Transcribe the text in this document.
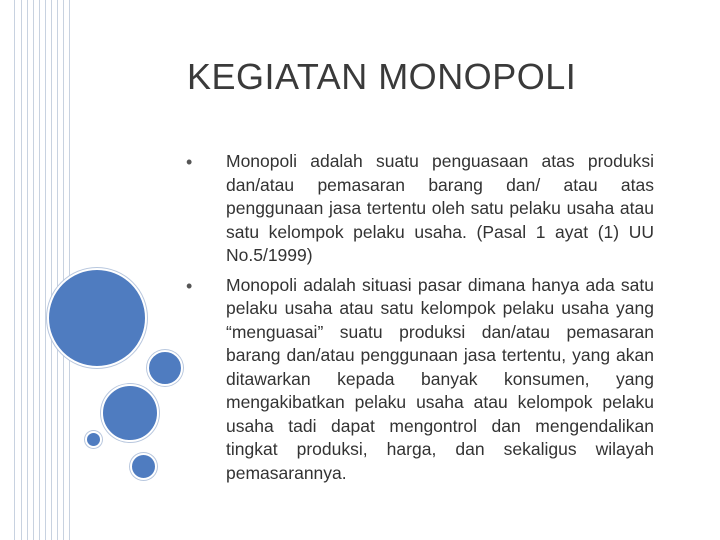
KEGIATAN MONOPOLI
• Monopoli adalah suatu penguasaan atas produksi dan/atau pemasaran barang dan/ atau atas penggunaan jasa tertentu oleh satu pelaku usaha atau satu kelompok pelaku usaha. (Pasal 1 ayat (1) UU No.5/1999)

• Monopoli adalah situasi pasar dimana hanya ada satu pelaku usaha atau satu kelompok pelaku usaha yang “menguasai” suatu produksi dan/atau pemasaran barang dan/atau penggunaan jasa tertentu, yang akan ditawarkan kepada banyak konsumen, yang mengakibatkan pelaku usaha atau kelompok pelaku usaha tadi dapat mengontrol dan mengendalikan tingkat produksi, harga, dan sekaligus wilayah pemasarannya.
